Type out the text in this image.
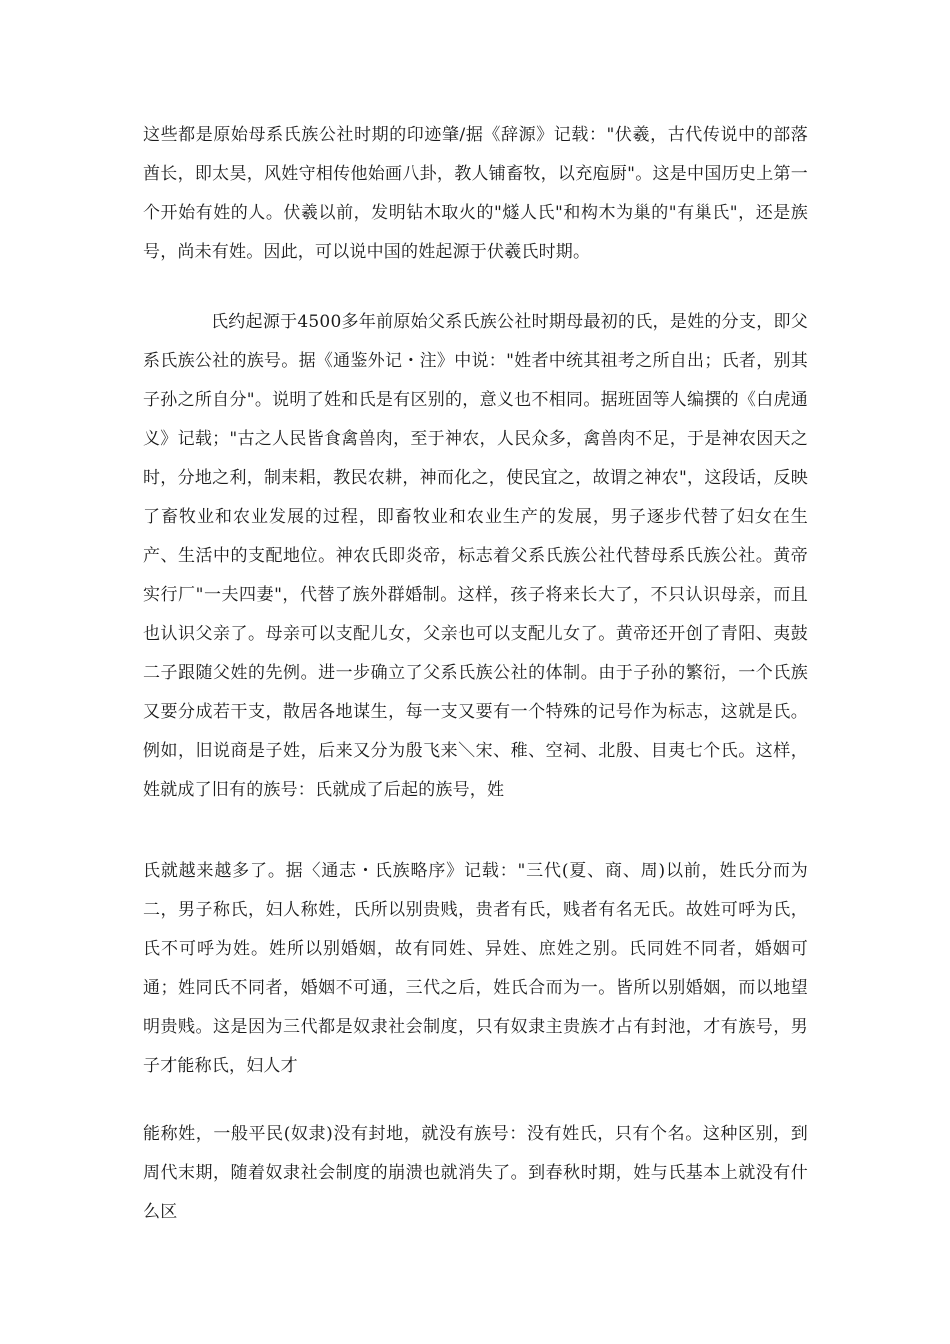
这些都是原始母系氏族公社时期的印迹肇/据《辞源》记载："伏羲，古代传说中的部落酋长，即太昊，风姓守相传他始画八卦，教人铺畜牧，以充庖厨"。这是中国历史上第一个开始有姓的人。伏羲以前，发明钻木取火的"燧人氏"和构木为巢的"有巢氏"，还是族号，尚未有姓。因此，可以说中国的姓起源于伏羲氏时期。

氏约起源于4500多年前原始父系氏族公社时期母最初的氏，是姓的分支，即父系氏族公社的族号。据《通鉴外记・注》中说："姓者中统其祖考之所自出；氏者，别其子孙之所自分"。说明了姓和氏是有区别的，意义也不相同。据班固等人编撰的《白虎通义》记载；"古之人民皆食禽兽肉，至于神农，人民众多，禽兽肉不足，于是神农因天之时，分地之利，制耒耜，教民农耕，神而化之，使民宜之，故谓之神农"，这段话，反映了畜牧业和农业发展的过程，即畜牧业和农业生产的发展，男子逐步代替了妇女在生产、生活中的支配地位。神农氏即炎帝，标志着父系氏族公社代替母系氏族公社。黄帝实行厂"一夫四妻"，代替了族外群婚制。这样，孩子将来长大了，不只认识母亲，而且也认识父亲了。母亲可以支配儿女，父亲也可以支配儿女了。黄帝还开创了青阳、夷鼓二子跟随父姓的先例。进一步确立了父系氏族公社的体制。由于子孙的繁衍，一个氏族又要分成若干支，散居各地谋生，每一支又要有一个特殊的记号作为标志，这就是氏。例如，旧说商是子姓，后来又分为殷飞来＼宋、稚、空祠、北殷、目夷七个氏。这样，姓就成了旧有的族号：氏就成了后起的族号，姓

氏就越来越多了。据〈通志・氏族略序》记载："三代(夏、商、周)以前，姓氏分而为二，男子称氏，妇人称姓，氏所以别贵贱，贵者有氏，贱者有名无氏。故姓可呼为氏，氏不可呼为姓。姓所以别婚姻，故有同姓、异姓、庶姓之别。氏同姓不同者，婚姻可通；姓同氏不同者，婚姻不可通，三代之后，姓氏合而为一。皆所以别婚姻，而以地望明贵贱。这是因为三代都是奴隶社会制度，只有奴隶主贵族才占有封池，才有族号，男子才能称氏，妇人才

能称姓，一般平民(奴隶)没有封地，就没有族号：没有姓氏，只有个名。这种区别，到周代末期，随着奴隶社会制度的崩溃也就消失了。到春秋时期，姓与氏基本上就没有什么区
